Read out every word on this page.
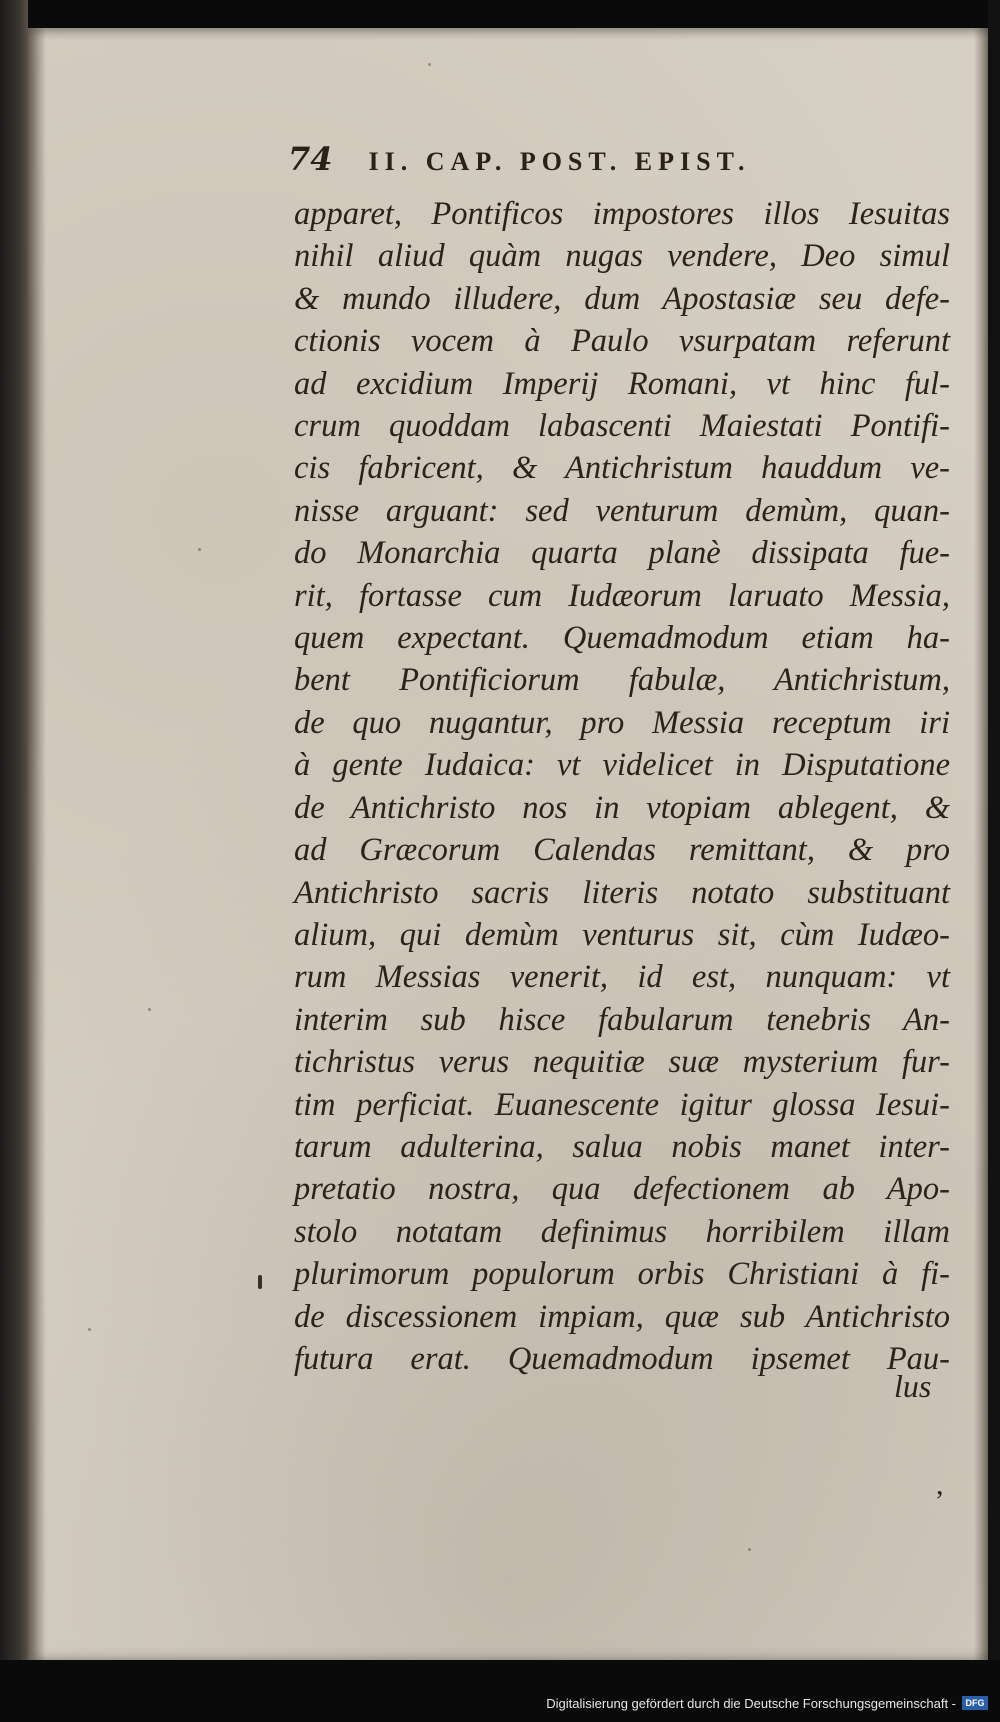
74 II. CAP. POST. EPIST.
apparet, Pontificos impostores illos Iesuitas
nihil aliud quàm nugas vendere, Deo simul
& mundo illudere, dum Apostasiæ seu defe-
ctionis vocem à Paulo vsurpatam referunt
ad excidium Imperij Romani, vt hinc ful-
crum quoddam labascenti Maiestati Pontifi-
cis fabricent, & Antichristum hauddum ve-
nisse arguant: sed venturum demùm, quan-
do Monarchia quarta planè dissipata fue-
rit, fortasse cum Iudæorum laruato Messia,
quem expectant. Quemadmodum etiam ha-
bent Pontificiorum fabulæ, Antichristum,
de quo nugantur, pro Messia receptum iri
à gente Iudaica: vt videlicet in Disputatione
de Antichristo nos in vtopiam ablegent, &
ad Græcorum Calendas remittant, & pro
Antichristo sacris literis notato substituant
alium, qui demùm venturus sit, cùm Iudæo-
rum Messias venerit, id est, nunquam: vt
interim sub hisce fabularum tenebris An-
tichristus verus nequitiæ suæ mysterium fur-
tim perficiat. Euanescente igitur glossa Iesui-
tarum adulterina, salua nobis manet inter-
pretatio nostra, qua defectionem ab Apo-
stolo notatam definimus horribilem illam
plurimorum populorum orbis Christiani à fi-
de discessionem impiam, quæ sub Antichristo
futura erat. Quemadmodum ipsemet Pau-
lus
,
Digitalisierung gefördert durch die Deutsche Forschungsgemeinschaft -	DFG
